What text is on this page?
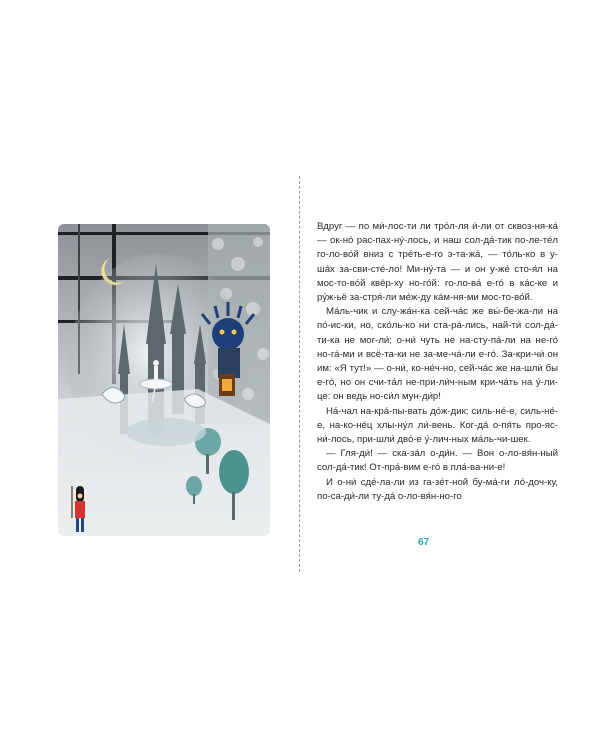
Вдруг — по ми́-лос-ти ли тро́л-ля и́-ли от сквоз-ня-ка́ — ок-но́ рас-пах-ну́-лось, и наш сол-да́-тик по-ле-те́л го-ло-во́й вниз с тре́ть-е-го э-та-жа́, — то́ль-ко в у-ша́х за-сви-сте́-ло! Ми-ну́-та — и он у-же́ сто-я́л на мос-то-во́й квёр-ху но-го́й: го-ло-ва́ е-го́ в ка́с-ке и ру́ж-ьё за-стря́-ли ме́ж-ду ка́м-ня-ми мос-то-во́й.

Ма́ль-чик и слу-жа́н-ка сей-ча́с же вы́-бе-жа-ли на по́-ис-ки, но, ско́ль-ко ни ста-ра́-лись, най-ти́ сол-да́-ти-ка не мог-ли́; о-ни́ чуть не на-сту-па́-ли на не-го́ но-га́-ми и всё-та-ки не за-ме-ча́-ли е-го́. За-кри-чи́ он им: «Я тут!» — о-ни́, ко-не́ч-но, сей-ча́с же на-шли́ бы е-го́, но он счи-та́л не-при-ли́ч-ным кри-ча́ть на у́-ли-це: он ведь но-си́л мун-ди́р!

На́-чал на-кра́-пы-вать до́ж-дик; силь-не́-е, силь-не́-е, на-ко-не́ц хлы-ну́л ли́-вень. Ког-да́ о-пя́ть про-яс-ни́-лось, при-шли́ дво́-е у́-лич-ных ма́ль-чи-шек.

— Гля-ди́! — ска-за́л о-ди́н. — Вон о-ло-вя́н-ный сол-да́-тик! От-пра́-вим е-го́ в пла́-ва-ни-е!

И о-ни́ сде́-ла-ли из га-зе́т-ной бу-ма́-ги ло́-доч-ку, по-са-ди́-ли ту-да́ о-ло-вя́н-но-го

67
